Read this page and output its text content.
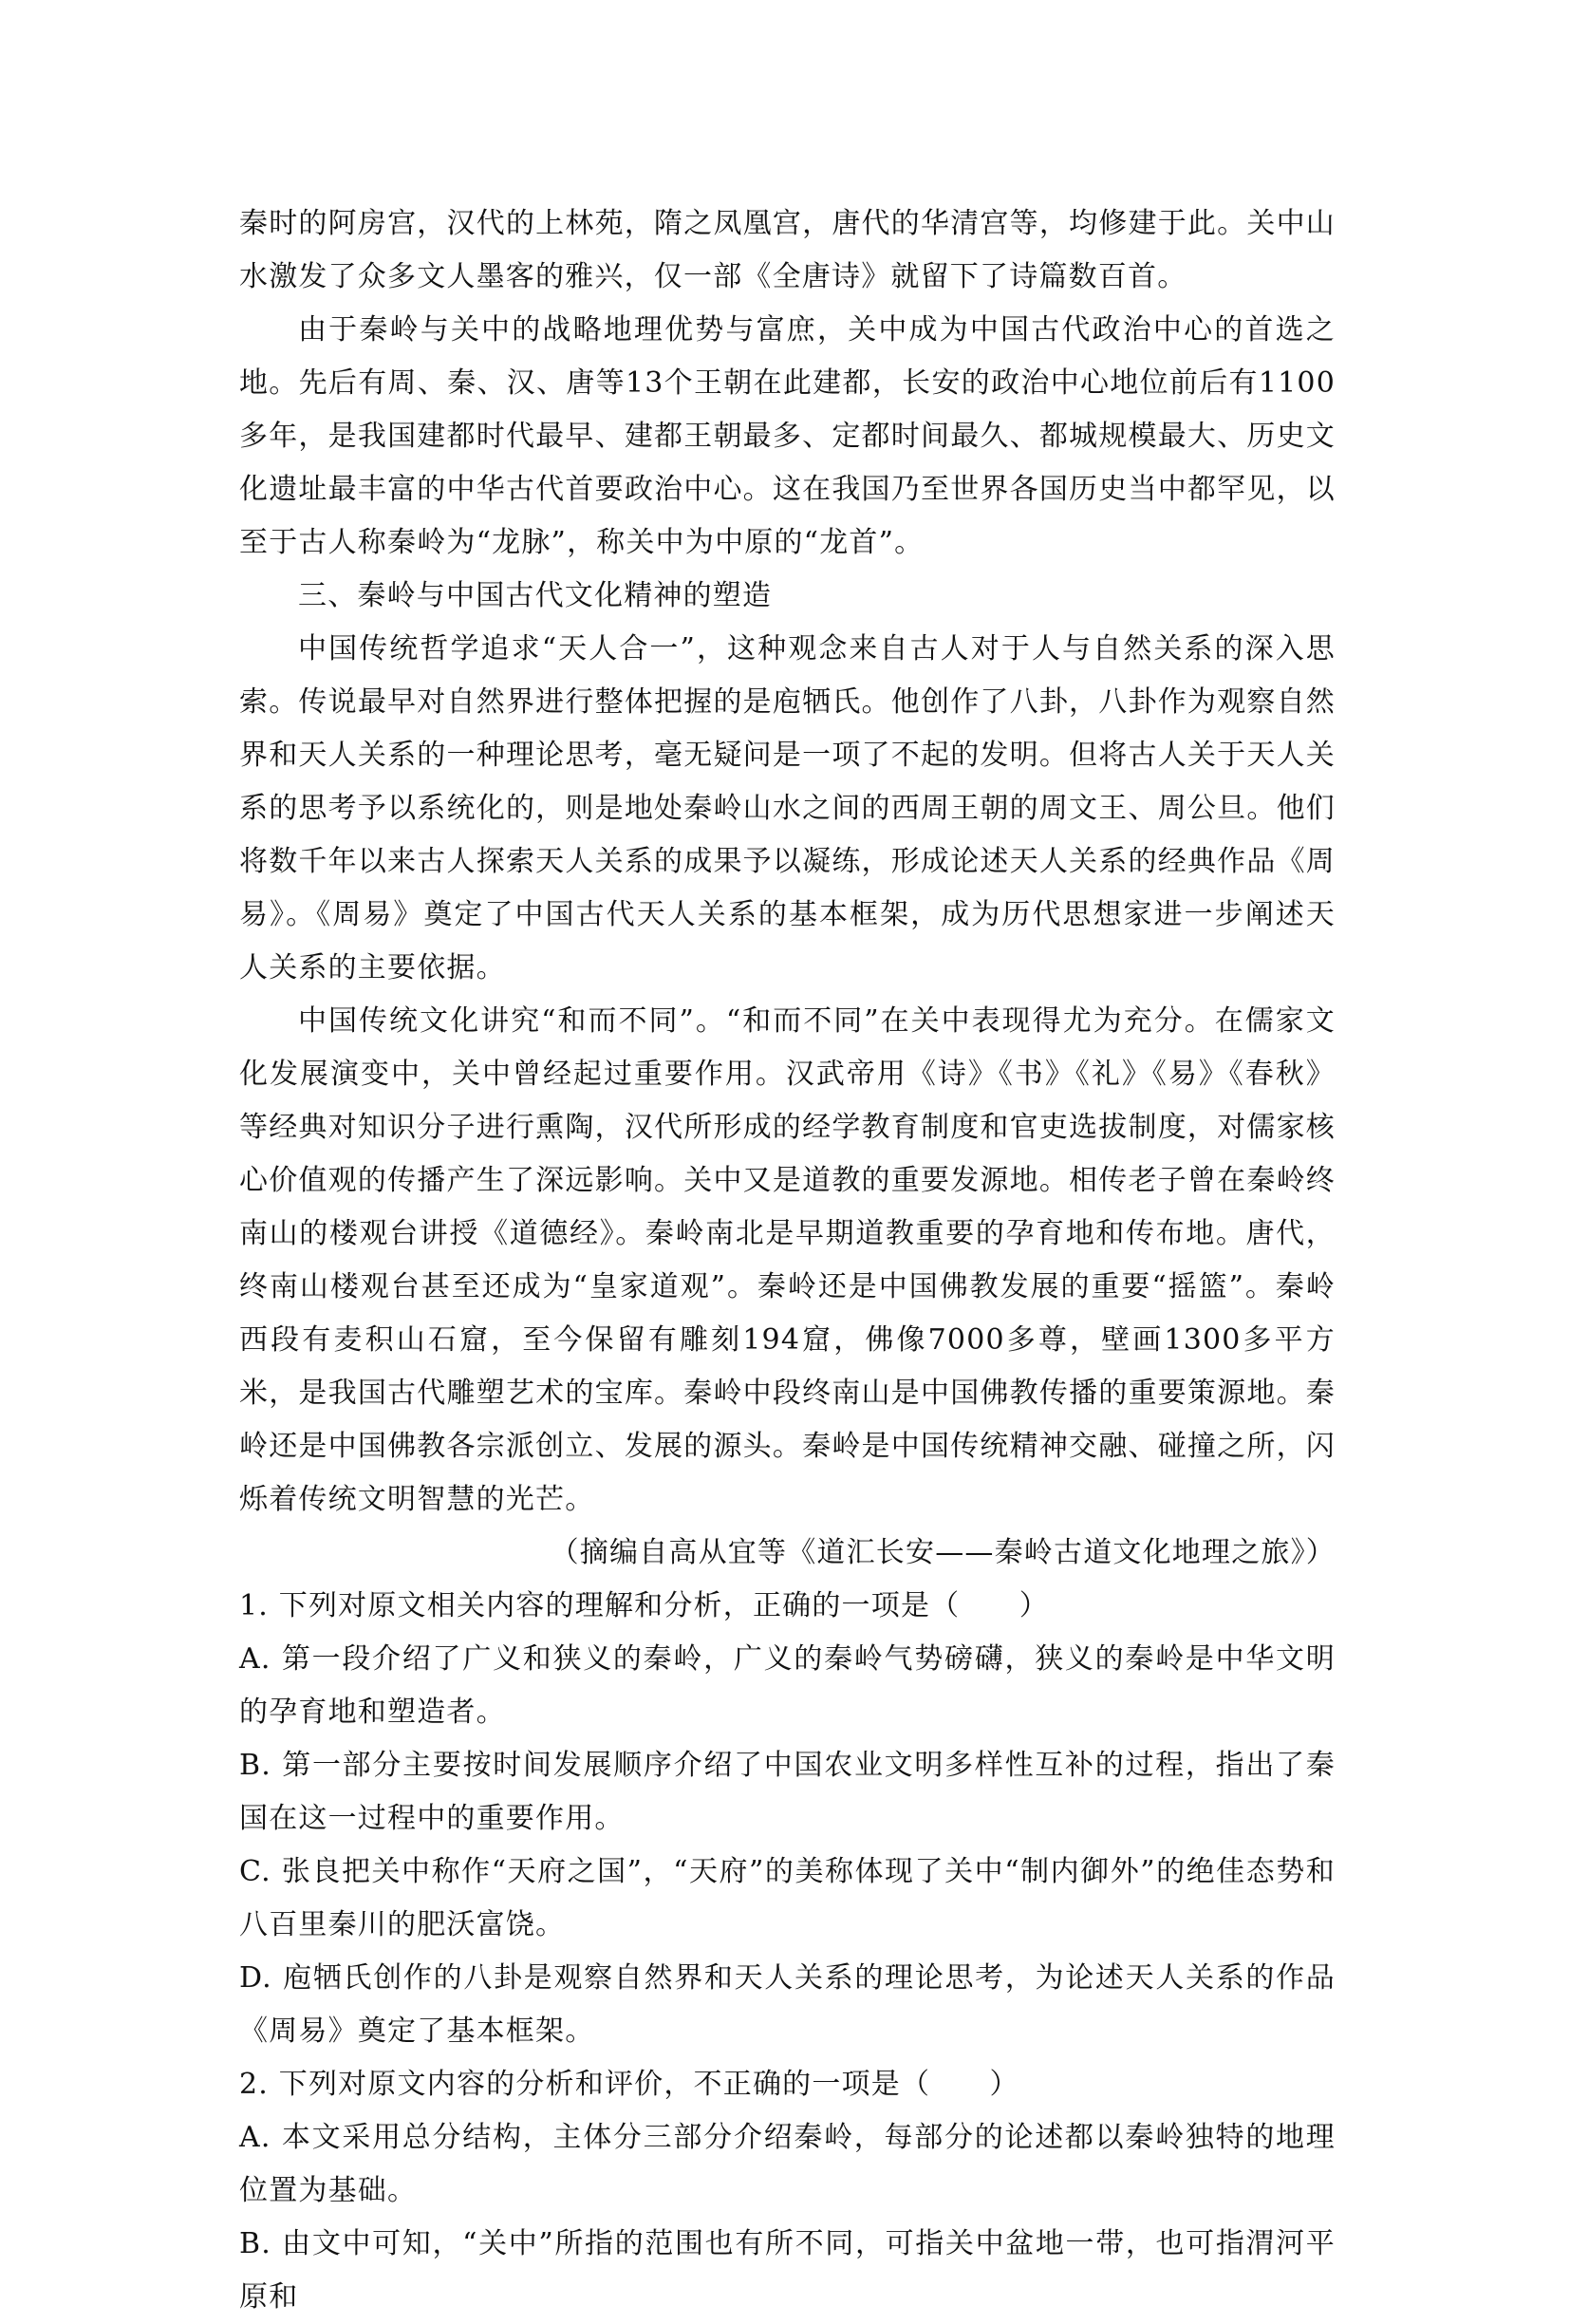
秦时的阿房宫，汉代的上林苑，隋之凤凰宫，唐代的华清宫等，均修建于此。关中山水激发了众多文人墨客的雅兴，仅一部《全唐诗》就留下了诗篇数百首。

由于秦岭与关中的战略地理优势与富庶，关中成为中国古代政治中心的首选之地。先后有周、秦、汉、唐等13个王朝在此建都，长安的政治中心地位前后有1100多年，是我国建都时代最早、建都王朝最多、定都时间最久、都城规模最大、历史文化遗址最丰富的中华古代首要政治中心。这在我国乃至世界各国历史当中都罕见，以至于古人称秦岭为“龙脉”，称关中为中原的“龙首”。

三、秦岭与中国古代文化精神的塑造

中国传统哲学追求“天人合一”，这种观念来自古人对于人与自然关系的深入思索。传说最早对自然界进行整体把握的是庖牺氏。他创作了八卦，八卦作为观察自然界和天人关系的一种理论思考，毫无疑问是一项了不起的发明。但将古人关于天人关系的思考予以系统化的，则是地处秦岭山水之间的西周王朝的周文王、周公旦。他们将数千年以来古人探索天人关系的成果予以凝练，形成论述天人关系的经典作品《周易》。《周易》奠定了中国古代天人关系的基本框架，成为历代思想家进一步阐述天人关系的主要依据。

中国传统文化讲究“和而不同”。“和而不同”在关中表现得尤为充分。在儒家文化发展演变中，关中曾经起过重要作用。汉武帝用《诗》《书》《礼》《易》《春秋》等经典对知识分子进行熏陶，汉代所形成的经学教育制度和官吏选拔制度，对儒家核心价值观的传播产生了深远影响。关中又是道教的重要发源地。相传老子曾在秦岭终南山的楼观台讲授《道德经》。秦岭南北是早期道教重要的孕育地和传布地。唐代，终南山楼观台甚至还成为“皇家道观”。秦岭还是中国佛教发展的重要“摇篮”。秦岭西段有麦积山石窟，至今保留有雕刻194窟，佛像7000多尊，壁画1300多平方米，是我国古代雕塑艺术的宝库。秦岭中段终南山是中国佛教传播的重要策源地。秦岭还是中国佛教各宗派创立、发展的源头。秦岭是中国传统精神交融、碰撞之所，闪烁着传统文明智慧的光芒。

（摘编自高从宜等《道汇长安——秦岭古道文化地理之旅》）

1. 下列对原文相关内容的理解和分析，正确的一项是（　　）

A. 第一段介绍了广义和狭义的秦岭，广义的秦岭气势磅礴，狭义的秦岭是中华文明的孕育地和塑造者。

B. 第一部分主要按时间发展顺序介绍了中国农业文明多样性互补的过程，指出了秦国在这一过程中的重要作用。

C. 张良把关中称作“天府之国”，“天府”的美称体现了关中“制内御外”的绝佳态势和八百里秦川的肥沃富饶。

D. 庖牺氏创作的八卦是观察自然界和天人关系的理论思考，为论述天人关系的作品《周易》奠定了基本框架。

2. 下列对原文内容的分析和评价，不正确的一项是（　　）

A. 本文采用总分结构，主体分三部分介绍秦岭，每部分的论述都以秦岭独特的地理位置为基础。

B. 由文中可知，“关中”所指的范围也有所不同，可指关中盆地一带，也可指渭河平原和
